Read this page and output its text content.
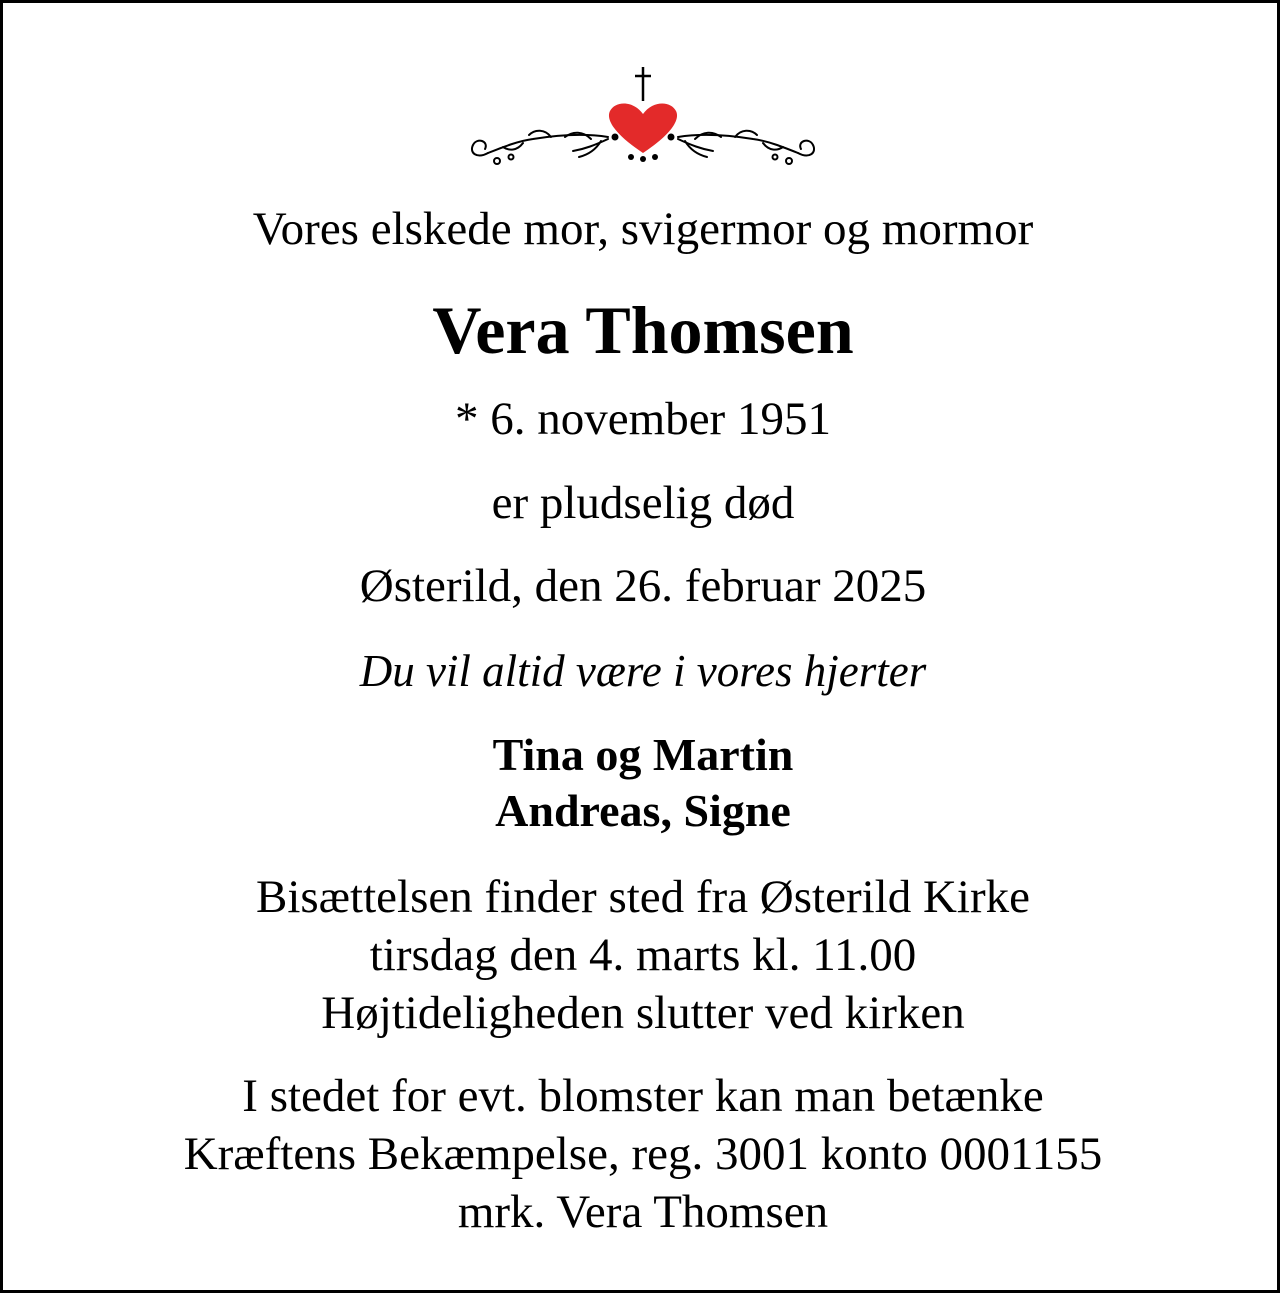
Vores elskede mor, svigermor og mormor
Vera Thomsen
* 6. november 1951
er pludselig død
Østerild, den 26. februar 2025
Du vil altid være i vores hjerter
Tina og Martin
Andreas, Signe
Bisættelsen finder sted fra Østerild Kirke
tirsdag den 4. marts kl. 11.00
Højtideligheden slutter ved kirken
I stedet for evt. blomster kan man betænke
Kræftens Bekæmpelse, reg. 3001 konto 0001155
mrk. Vera Thomsen
